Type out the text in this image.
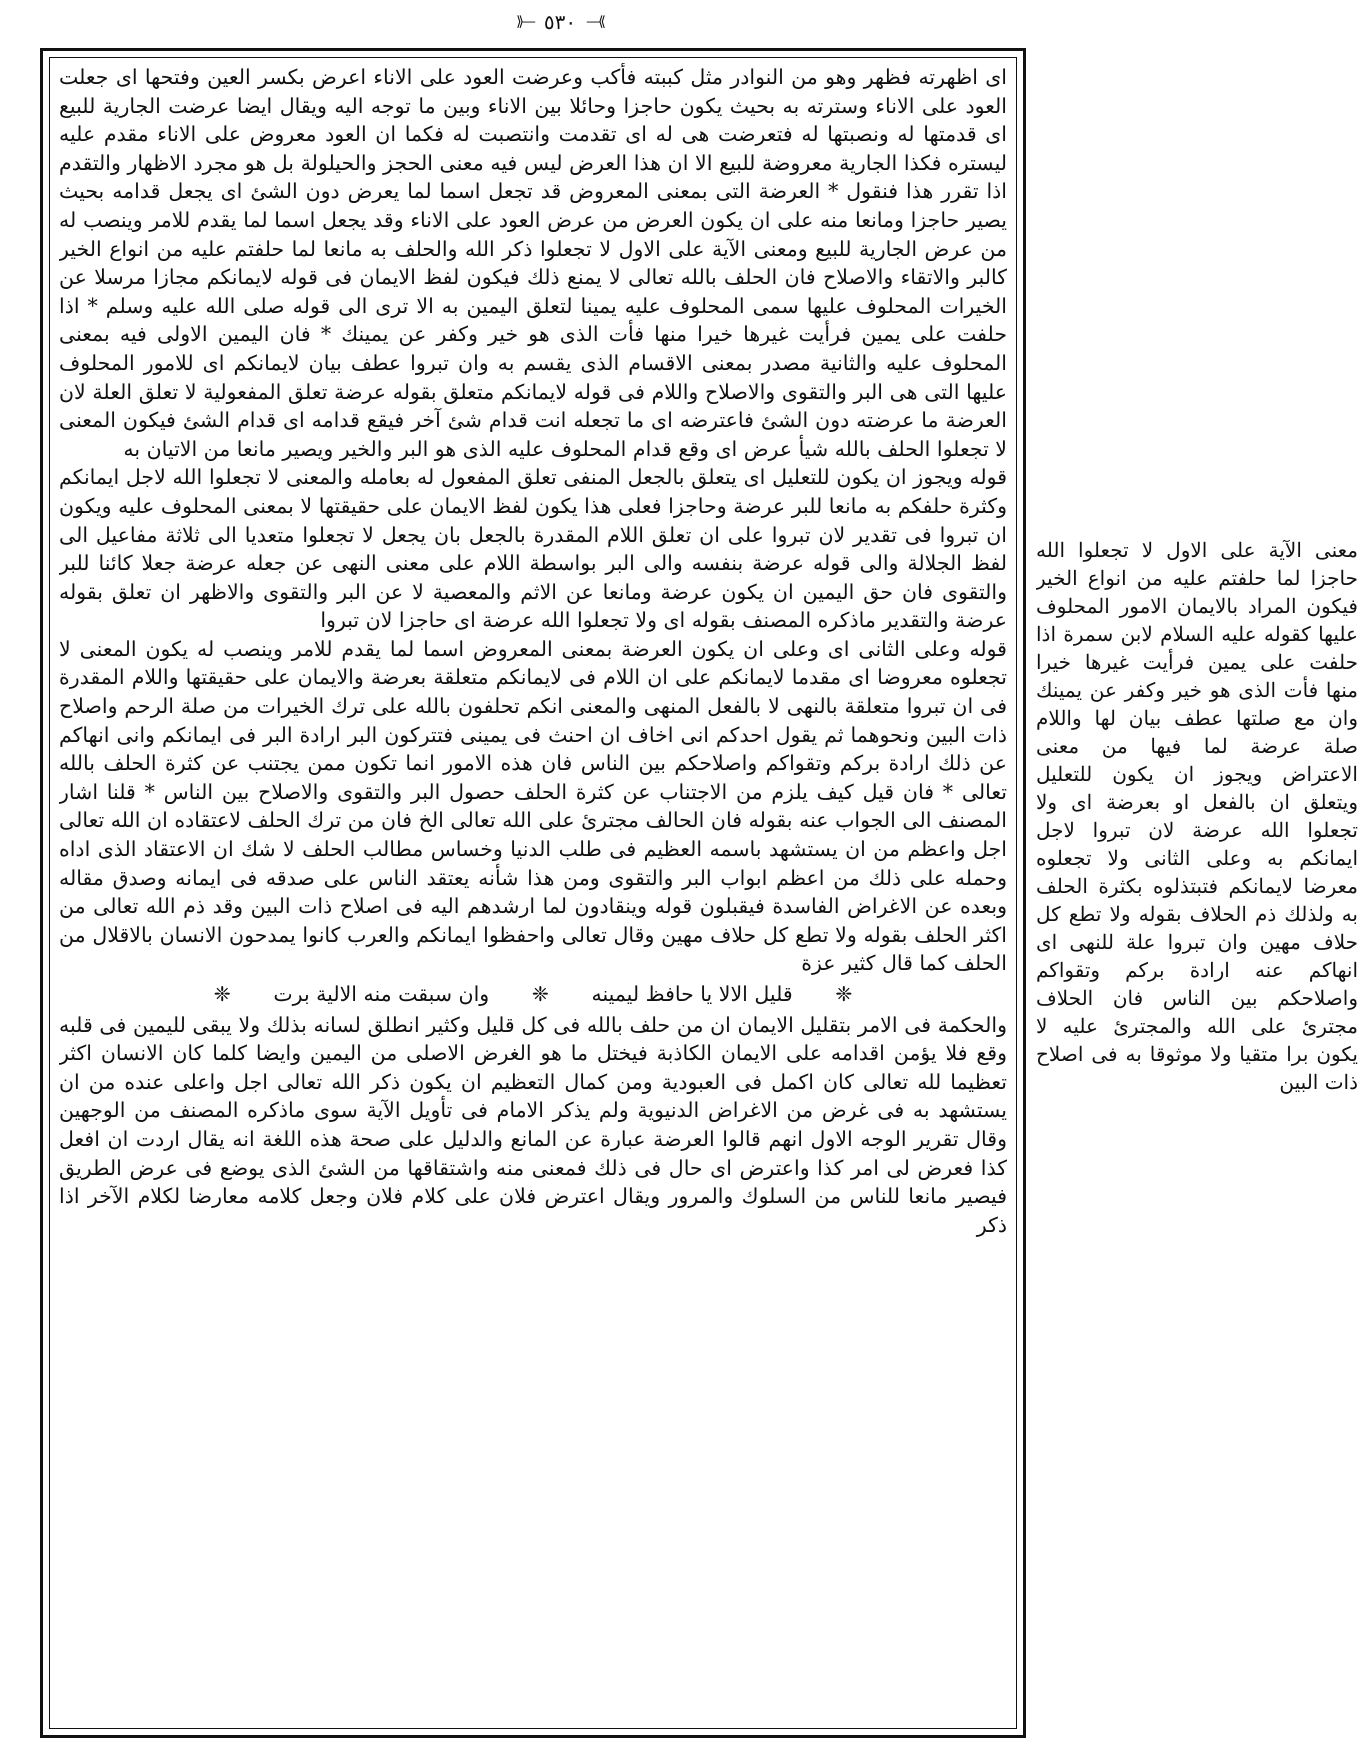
⟫— ٥٣٠ —⟪

اى اظهرته فظهر وهو من النوادر مثل كببته فأكب وعرضت العود على الاناء اعرض بكسر العين وفتحها اى جعلت العود على الاناء وسترته به بحيث يكون حاجزا وحائلا بين الاناء وبين ما توجه اليه ويقال ايضا عرضت الجارية للبيع اى قدمتها له ونصبتها له فتعرضت هى له اى تقدمت وانتصبت له فكما ان العود معروض على الاناء مقدم عليه ليستره فكذا الجارية معروضة للبيع الا ان هذا العرض ليس فيه معنى الحجز والحيلولة بل هو مجرد الاظهار والتقدم اذا تقرر هذا فنقول * العرضة التى بمعنى المعروض قد تجعل اسما لما يعرض دون الشئ اى يجعل قدامه بحيث يصير حاجزا ومانعا منه على ان يكون العرض من عرض العود على الاناء وقد يجعل اسما لما يقدم للامر وينصب له من عرض الجارية للبيع ومعنى الآية على الاول لا تجعلوا ذكر الله والحلف به مانعا لما حلفتم عليه من انواع الخير كالبر والاتقاء والاصلاح فان الحلف بالله تعالى لا يمنع ذلك فيكون لفظ الايمان فى قوله لايمانكم مجازا مرسلا عن الخيرات المحلوف عليها سمى المحلوف عليه يمينا لتعلق اليمين به الا ترى الى قوله صلى الله عليه وسلم * اذا حلفت على يمين فرأيت غيرها خيرا منها فأت الذى هو خير وكفر عن يمينك * فان اليمين الاولى فيه بمعنى المحلوف عليه والثانية مصدر بمعنى الاقسام الذى يقسم به وان تبروا عطف بيان لايمانكم اى للامور المحلوف عليها التى هى البر والتقوى والاصلاح واللام فى قوله لايمانكم متعلق بقوله عرضة تعلق المفعولية لا تعلق العلة لان العرضة ما عرضته دون الشئ فاعترضه اى ما تجعله انت قدام شئ آخر فيقع قدامه اى قدام الشئ فيكون المعنى لا تجعلوا الحلف بالله شيأ عرض اى وقع قدام المحلوف عليه الذى هو البر والخير ويصير مانعا من الاتيان به

قوله ويجوز ان يكون للتعليل اى يتعلق بالجعل المنفى تعلق المفعول له بعامله والمعنى لا تجعلوا الله لاجل ايمانكم وكثرة حلفكم به مانعا للبر عرضة وحاجزا فعلى هذا يكون لفظ الايمان على حقيقتها لا بمعنى المحلوف عليه ويكون ان تبروا فى تقدير لان تبروا على ان تعلق اللام المقدرة بالجعل بان يجعل لا تجعلوا متعديا الى ثلاثة مفاعيل الى لفظ الجلالة والى قوله عرضة بنفسه والى البر بواسطة اللام على معنى النهى عن جعله عرضة جعلا كائنا للبر والتقوى فان حق اليمين ان يكون عرضة ومانعا عن الاثم والمعصية لا عن البر والتقوى والاظهر ان تعلق بقوله عرضة والتقدير ماذكره المصنف بقوله اى ولا تجعلوا الله عرضة اى حاجزا لان تبروا

قوله وعلى الثانى اى وعلى ان يكون العرضة بمعنى المعروض اسما لما يقدم للامر وينصب له يكون المعنى لا تجعلوه معروضا اى مقدما لايمانكم على ان اللام فى لايمانكم متعلقة بعرضة والايمان على حقيقتها واللام المقدرة فى ان تبروا متعلقة بالنهى لا بالفعل المنهى والمعنى انكم تحلفون بالله على ترك الخيرات من صلة الرحم واصلاح ذات البين ونحوهما ثم يقول احدكم انى اخاف ان احنث فى يمينى فتتركون البر ارادة البر فى ايمانكم وانى انهاكم عن ذلك ارادة بركم وتقواكم واصلاحكم بين الناس فان هذه الامور انما تكون ممن يجتنب عن كثرة الحلف بالله تعالى * فان قيل كيف يلزم من الاجتناب عن كثرة الحلف حصول البر والتقوى والاصلاح بين الناس * قلنا اشار المصنف الى الجواب عنه بقوله فان الحالف مجترئ على الله تعالى الخ فان من ترك الحلف لاعتقاده ان الله تعالى اجل واعظم من ان يستشهد باسمه العظيم فى طلب الدنيا وخساس مطالب الحلف لا شك ان الاعتقاد الذى اداه وحمله على ذلك من اعظم ابواب البر والتقوى ومن هذا شأنه يعتقد الناس على صدقه فى ايمانه وصدق مقاله وبعده عن الاغراض الفاسدة فيقبلون قوله وينقادون لما ارشدهم اليه فى اصلاح ذات البين وقد ذم الله تعالى من اكثر الحلف بقوله ولا تطع كل حلاف مهين وقال تعالى واحفظوا ايمانكم والعرب كانوا يمدحون الانسان بالاقلال من الحلف كما قال كثير عزة

❈ قليل الالا يا حافظ ليمينه ❈ وان سبقت منه الالية برت ❈

والحكمة فى الامر بتقليل الايمان ان من حلف بالله فى كل قليل وكثير انطلق لسانه بذلك ولا يبقى لليمين فى قلبه وقع فلا يؤمن اقدامه على الايمان الكاذبة فيختل ما هو الغرض الاصلى من اليمين وايضا كلما كان الانسان اكثر تعظيما لله تعالى كان اكمل فى العبودية ومن كمال التعظيم ان يكون ذكر الله تعالى اجل واعلى عنده من ان يستشهد به فى غرض من الاغراض الدنيوية ولم يذكر الامام فى تأويل الآية سوى ماذكره المصنف من الوجهين وقال تقرير الوجه الاول انهم قالوا العرضة عبارة عن المانع والدليل على صحة هذه اللغة انه يقال اردت ان افعل كذا فعرض لى امر كذا واعترض اى حال فى ذلك فمعنى منه واشتقاقها من الشئ الذى يوضع فى عرض الطريق فيصير مانعا للناس من السلوك والمرور ويقال اعترض فلان على كلام فلان وجعل كلامه معارضا لكلام الآخر اذا ذكر

معنى الآية على الاول لا تجعلوا الله حاجزا لما حلفتم عليه من انواع الخير فيكون المراد بالايمان الامور المحلوف عليها كقوله عليه السلام لابن سمرة اذا حلفت على يمين فرأيت غيرها خيرا منها فأت الذى هو خير وكفر عن يمينك وان مع صلتها عطف بيان لها واللام صلة عرضة لما فيها من معنى الاعتراض ويجوز ان يكون للتعليل ويتعلق ان بالفعل او بعرضة اى ولا تجعلوا الله عرضة لان تبروا لاجل ايمانكم به وعلى الثانى ولا تجعلوه معرضا لايمانكم فتبتذلوه بكثرة الحلف به ولذلك ذم الحلاف بقوله ولا تطع كل حلاف مهين وان تبروا علة للنهى اى انهاكم عنه ارادة بركم وتقواكم واصلاحكم بين الناس فان الحلاف مجترئ على الله والمجترئ عليه لا يكون برا متقيا ولا موثوقا به فى اصلاح ذات البين
